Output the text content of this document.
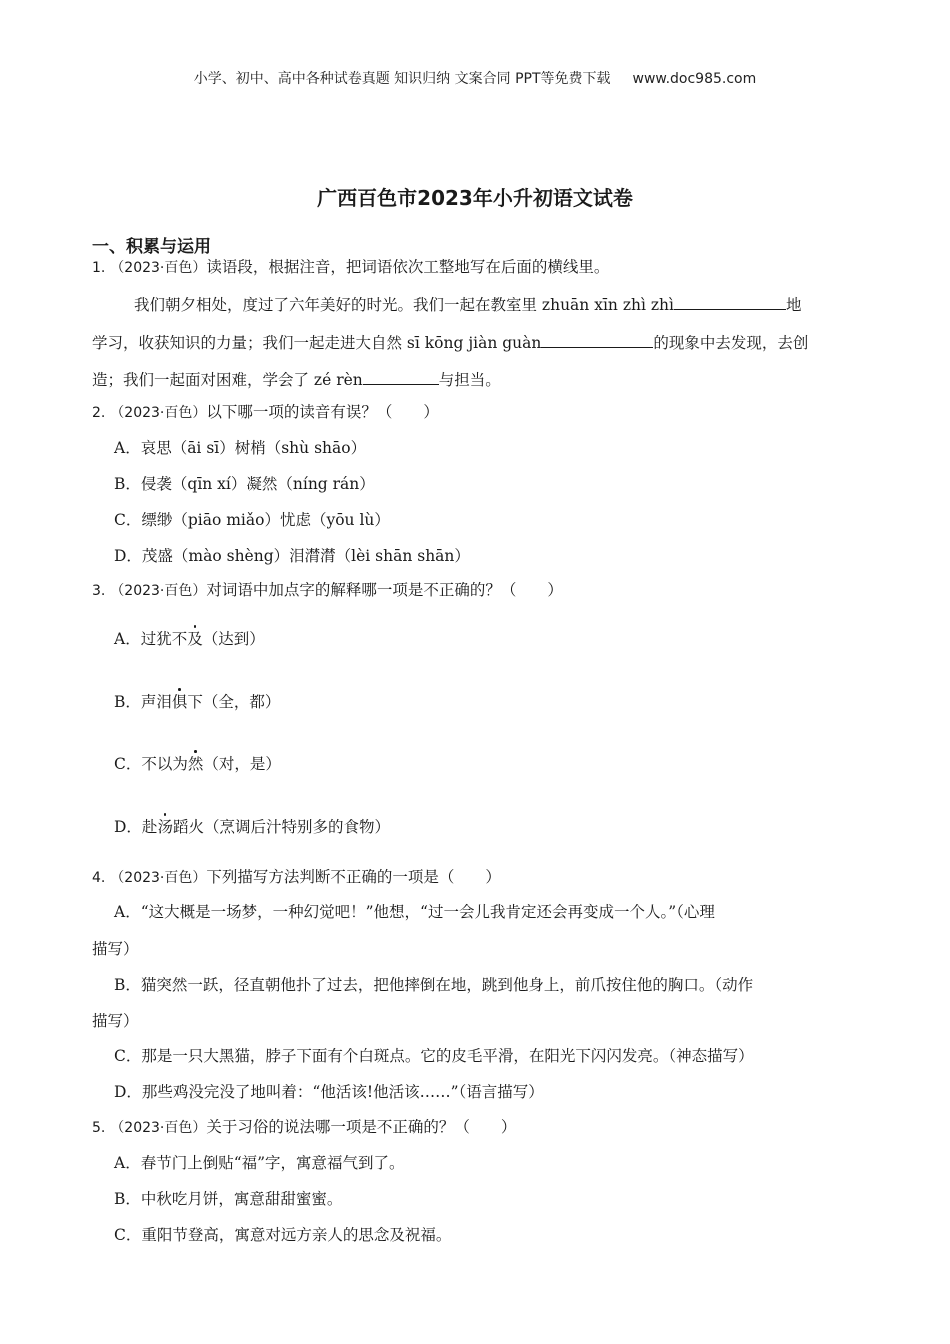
小学、初中、高中各种试卷真题 知识归纳 文案合同 PPT等免费下载 www.doc985.com
广西百色市2023年小升初语文试卷
一、积累与运用
1. （2023·百色）读语段，根据注音，把词语依次工整地写在后面的横线里。
我们朝夕相处，度过了六年美好的时光。我们一起在教室里 zhuān xīn zhì zhì	地
学习，收获知识的力量；我们一起走进大自然 sī kōng jiàn guàn	的现象中去发现，去创
造；我们一起面对困难，学会了 zé rèn	与担当。
2. （2023·百色）以下哪一项的读音有误？（　　）
A．哀思（āi sī）树梢（shù shāo）
B．侵袭（qīn xí）凝然（níng rán）
C．缥缈（piāo miǎo）忧虑（yōu lù）
D．茂盛（mào shèng）泪潸潸（lèi shān shān）
3. （2023·百色）对词语中加点字的解释哪一项是不正确的？（　　）
A．过犹不及（达到）
B．声泪俱下（全，都）
C．不以为然（对，是）
D．赴汤蹈火（烹调后汁特别多的食物）
4. （2023·百色）下列描写方法判断不正确的一项是（　　）
A．“这大概是一场梦，一种幻觉吧！”他想，“过一会儿我肯定还会再变成一个人。”（心理
描写）
B．猫突然一跃，径直朝他扑了过去，把他摔倒在地，跳到他身上，前爪按住他的胸口。（动作
描写）
C．那是一只大黑猫，脖子下面有个白斑点。它的皮毛平滑，在阳光下闪闪发亮。（神态描写）
D．那些鸡没完没了地叫着：“他活该!他活该……”（语言描写）
5. （2023·百色）关于习俗的说法哪一项是不正确的？（　　）
A．春节门上倒贴“福”字，寓意福气到了。
B．中秋吃月饼，寓意甜甜蜜蜜。
C．重阳节登高，寓意对远方亲人的思念及祝福。
